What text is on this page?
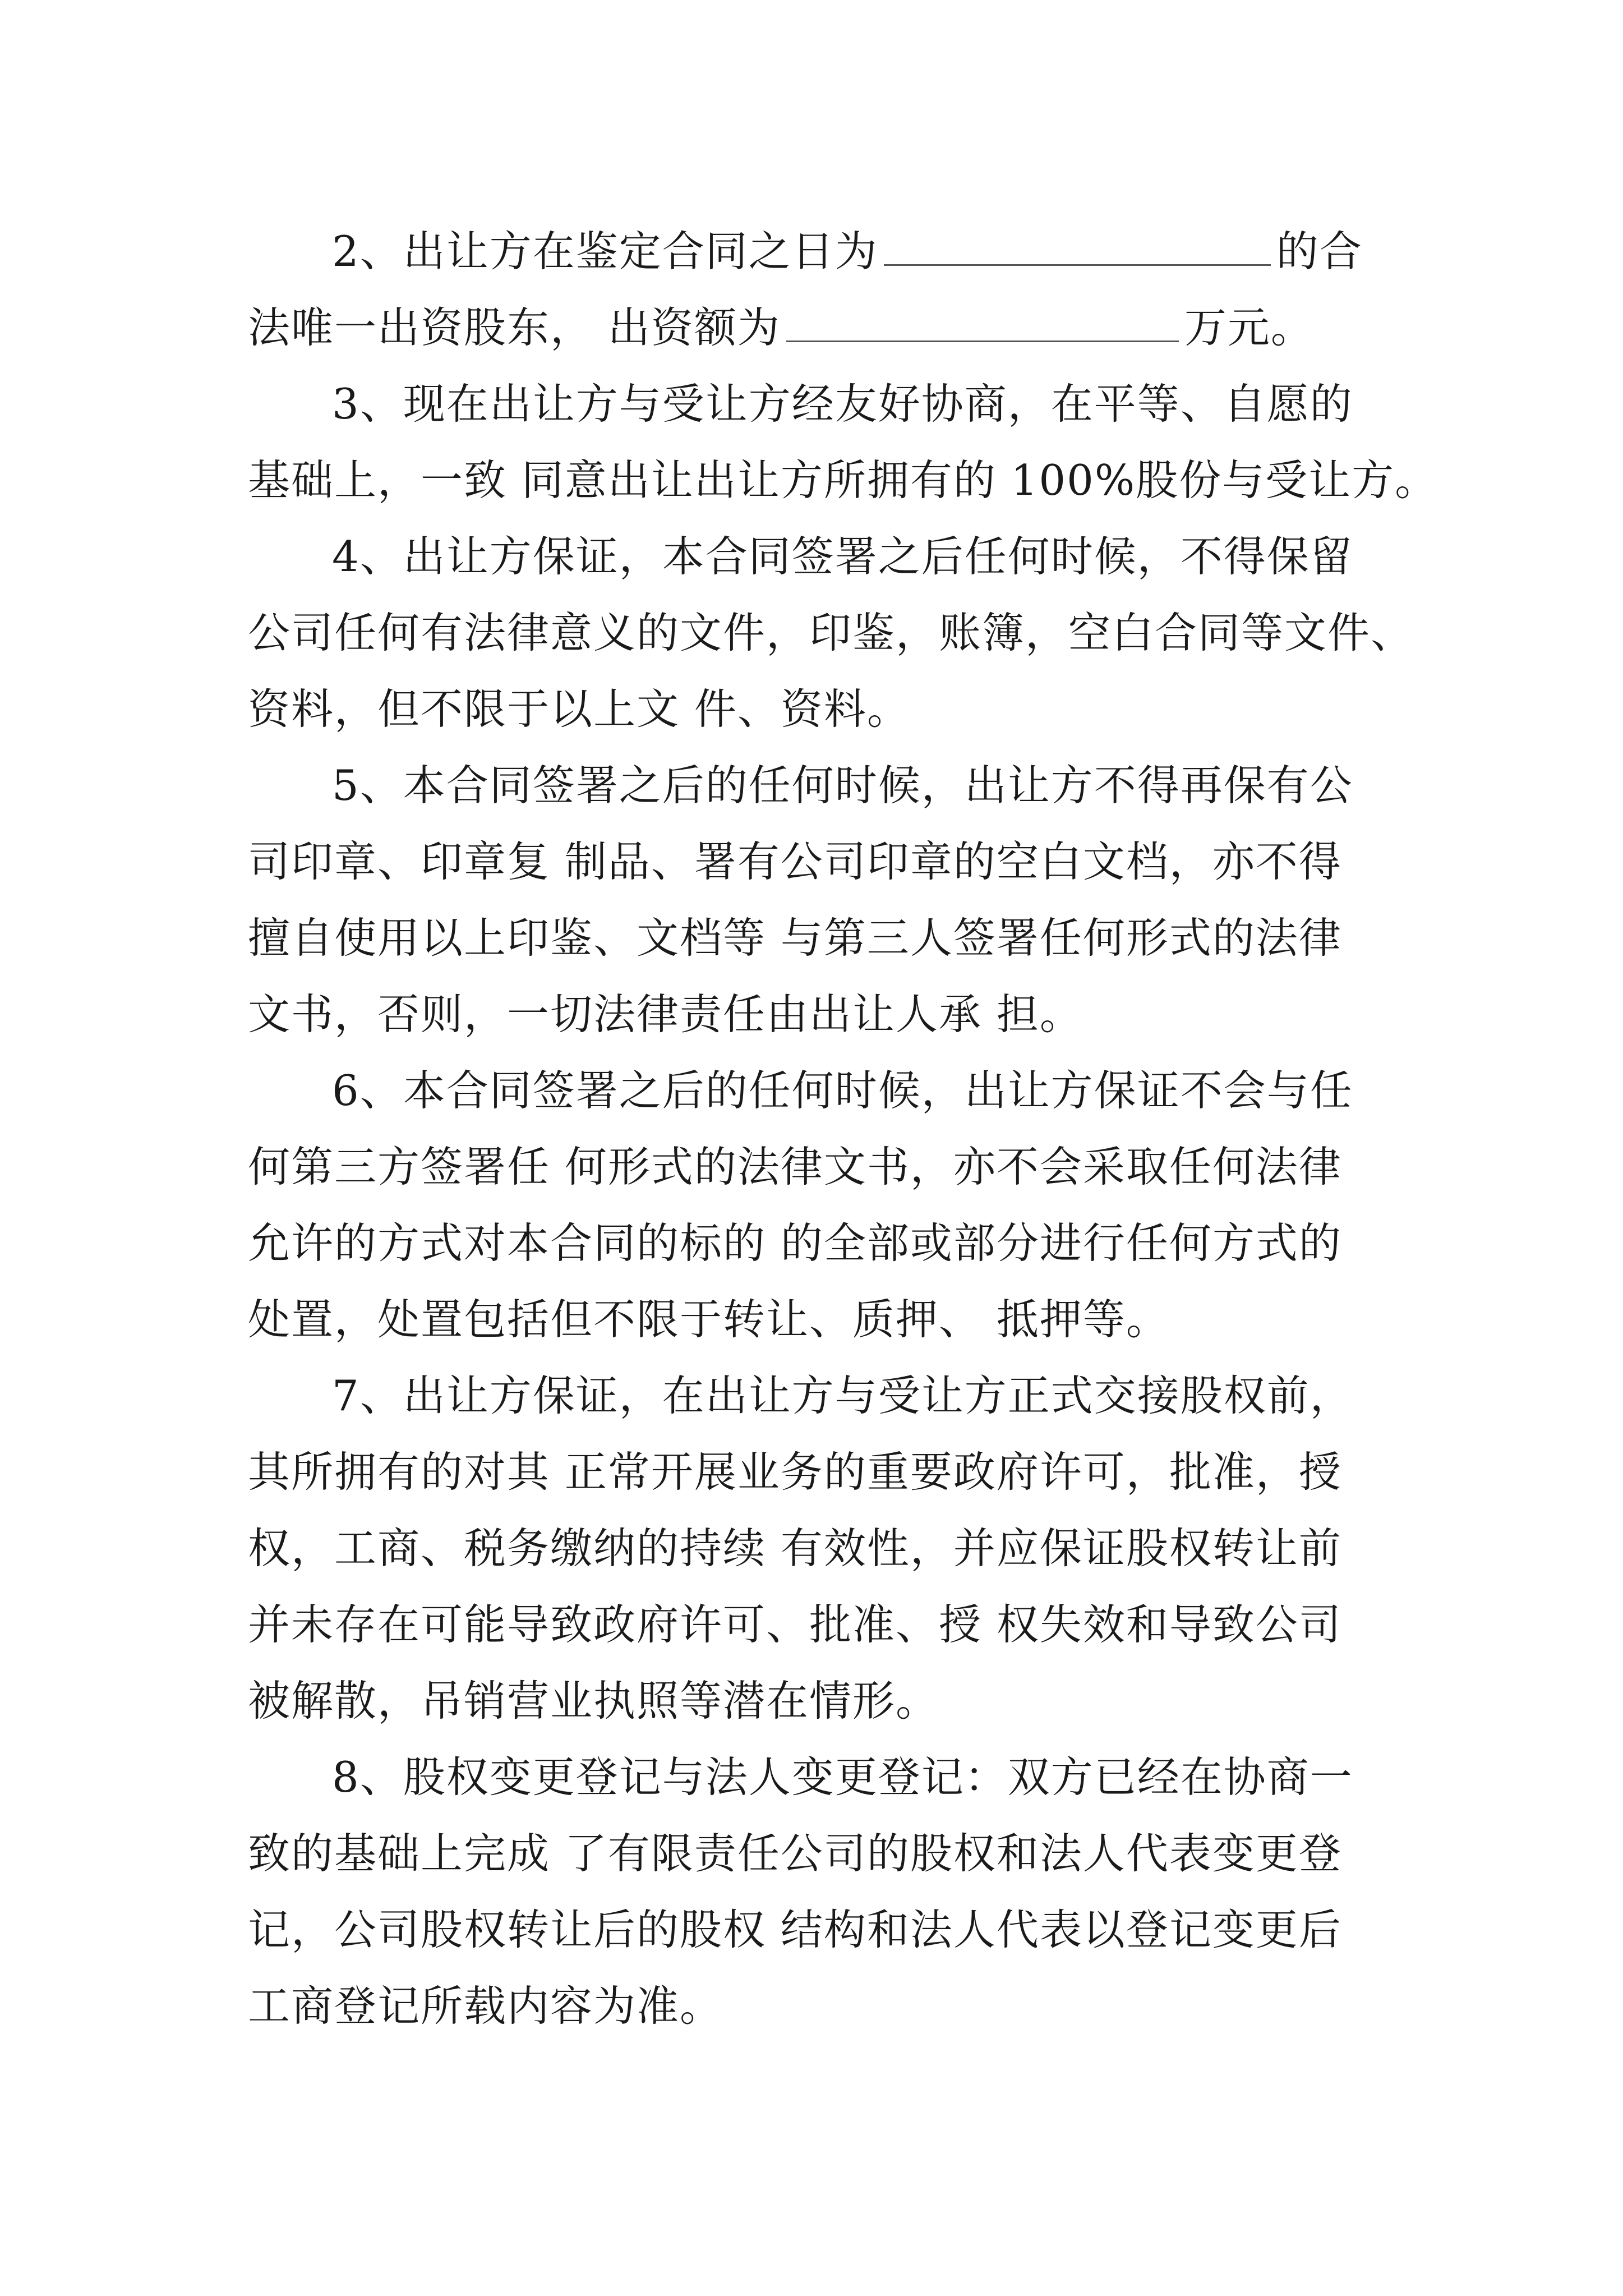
2、出让方在鉴定合同之日为	的合
法唯一出资股东， 出资额为	万元。
3、现在出让方与受让方经友好协商，在平等、自愿的
基础上，一致 同意出让出让方所拥有的 100%股份与受让方。
4、出让方保证，本合同签署之后任何时候，不得保留
公司任何有法律意义的文件，印鉴，账簿，空白合同等文件、
资料，但不限于以上文 件、资料。
5、本合同签署之后的任何时候，出让方不得再保有公
司印章、印章复 制品、署有公司印章的空白文档，亦不得
擅自使用以上印鉴、文档等 与第三人签署任何形式的法律
文书，否则，一切法律责任由出让人承 担。
6、本合同签署之后的任何时候，出让方保证不会与任
何第三方签署任 何形式的法律文书，亦不会采取任何法律
允许的方式对本合同的标的 的全部或部分进行任何方式的
处置，处置包括但不限于转让、质押、 抵押等。
7、出让方保证，在出让方与受让方正式交接股权前，
其所拥有的对其 正常开展业务的重要政府许可，批准，授
权，工商、税务缴纳的持续 有效性，并应保证股权转让前
并未存在可能导致政府许可、批准、授 权失效和导致公司
被解散，吊销营业执照等潜在情形。
8、股权变更登记与法人变更登记：双方已经在协商一
致的基础上完成 了有限责任公司的股权和法人代表变更登
记，公司股权转让后的股权 结构和法人代表以登记变更后
工商登记所载内容为准。
